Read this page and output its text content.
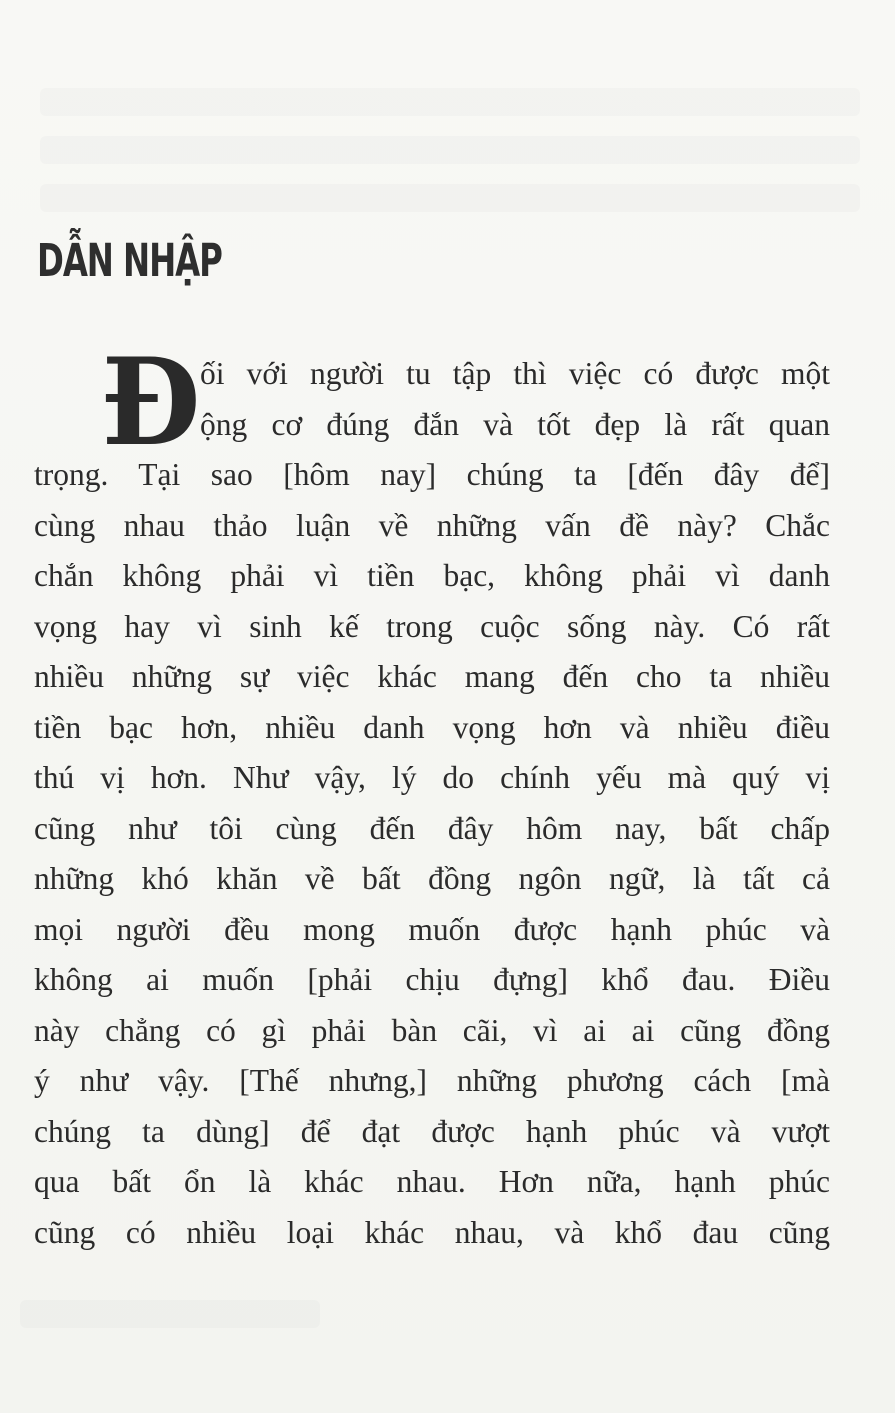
DẪN NHẬP
Đ ối với người tu tập thì việc có được một

ộng cơ đúng đắn và tốt đẹp là rất quan

trọng. Tại sao [hôm nay] chúng ta [đến đây để]

cùng nhau thảo luận về những vấn đề này? Chắc

chắn không phải vì tiền bạc, không phải vì danh

vọng hay vì sinh kế trong cuộc sống này. Có rất

nhiều những sự việc khác mang đến cho ta nhiều

tiền bạc hơn, nhiều danh vọng hơn và nhiều điều

thú vị hơn. Như vậy, lý do chính yếu mà quý vị

cũng như tôi cùng đến đây hôm nay, bất chấp

những khó khăn về bất đồng ngôn ngữ, là tất cả

mọi người đều mong muốn được hạnh phúc và

không ai muốn [phải chịu đựng] khổ đau. Điều

này chẳng có gì phải bàn cãi, vì ai ai cũng đồng

ý như vậy. [Thế nhưng,] những phương cách [mà

chúng ta dùng] để đạt được hạnh phúc và vượt

qua bất ổn là khác nhau. Hơn nữa, hạnh phúc

cũng có nhiều loại khác nhau, và khổ đau cũng
